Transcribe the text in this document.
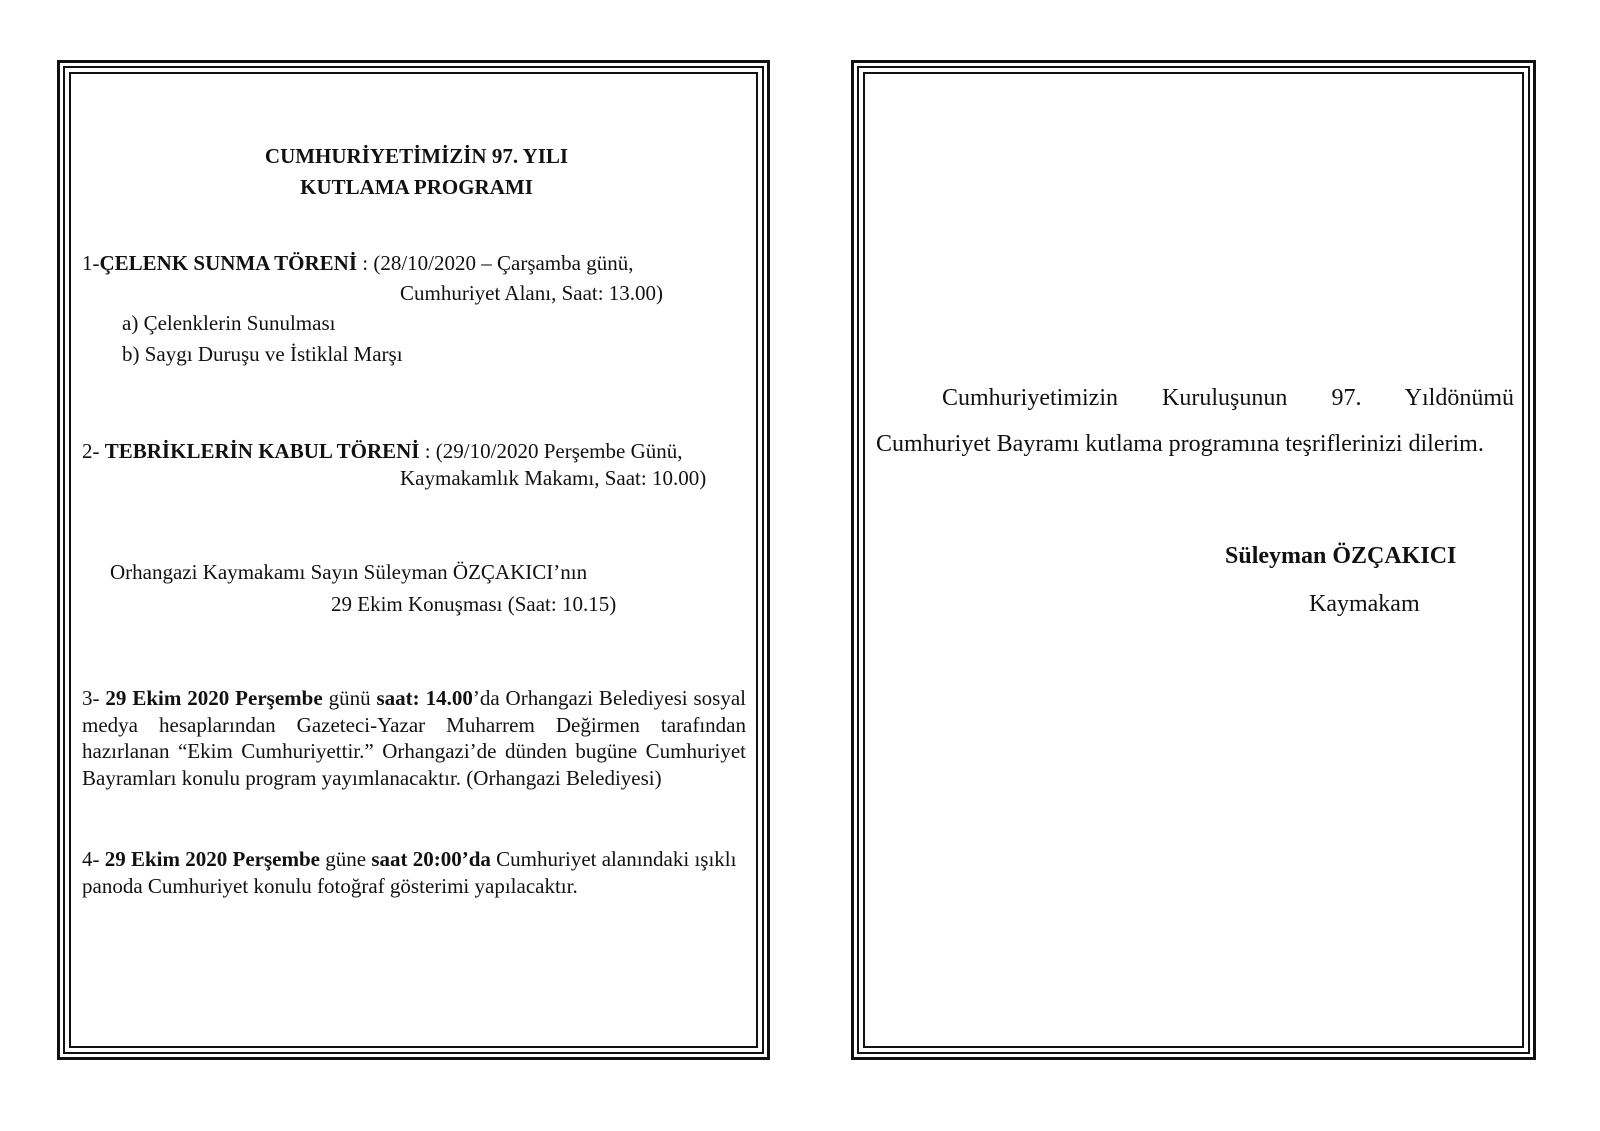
CUMHURİYETİMİZİN 97. YILI
KUTLAMA PROGRAMI
1-ÇELENK SUNMA TÖRENİ : (28/10/2020 – Çarşamba günü,
Cumhuriyet Alanı, Saat: 13.00)
a) Çelenklerin Sunulması
b) Saygı Duruşu ve İstiklal Marşı
2- TEBRİKLERİN KABUL TÖRENİ : (29/10/2020 Perşembe Günü,
Kaymakamlık Makamı, Saat: 10.00)
Orhangazi Kaymakamı Sayın Süleyman ÖZÇAKICI’nın
29 Ekim Konuşması (Saat: 10.15)
3- 29 Ekim 2020 Perşembe günü saat: 14.00’da Orhangazi Belediyesi sosyal medya hesaplarından Gazeteci-Yazar Muharrem Değirmen tarafından hazırlanan “Ekim Cumhuriyettir.” Orhangazi’de dünden bugüne Cumhuriyet Bayramları konulu program yayımlanacaktır. (Orhangazi Belediyesi)
4- 29 Ekim 2020 Perşembe güne saat 20:00’da Cumhuriyet alanındaki ışıklı panoda Cumhuriyet konulu fotoğraf gösterimi yapılacaktır.
Cumhuriyetimizin Kuruluşunun 97. Yıldönümü Cumhuriyet Bayramı kutlama programına teşriflerinizi dilerim.
Süleyman ÖZÇAKICI
Kaymakam
